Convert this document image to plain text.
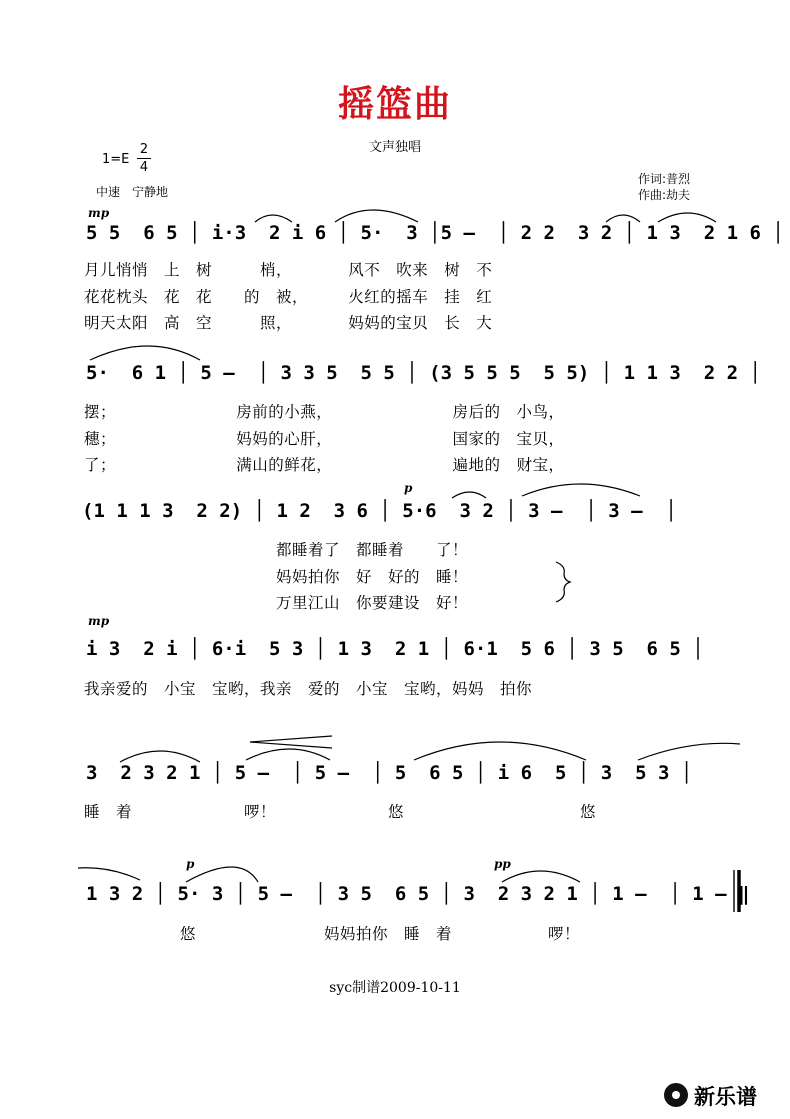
摇篮曲
文声独唱
1=E
2
4
中速　宁静地
作词:普烈
作曲:劫夫
mp
p
mp
p	pp
5 5  6 5 │ i·3  2 i 6 │ 5·  3 │5 –  │ 2 2  3 2 │ 1 3  2 1 6 │
月儿悄悄　上　树　　　梢，　　　　风不　吹来　树　不
花花枕头　花　花　　的　被，　　　火红的摇车　挂　红
明天太阳　高　空　　　照，　　　　妈妈的宝贝　长　大
5·  6 1 │ 5 –  │ 3 3 5  5 5 │ (3 5 5 5  5 5) │ 1 1 3  2 2 │
摆；　　　　　　　　房前的小燕，　　　　　　　　房后的　小鸟，
穗；　　　　　　　　妈妈的心肝，　　　　　　　　国家的　宝贝，
了；　　　　　　　　满山的鲜花，　　　　　　　　遍地的　财宝，
(1 1 1 3  2 2) │ 1 2  3 6 │ 5·6  3 2 │ 3 –  │ 3 –  │
都睡着了　都睡着　　了！
妈妈拍你　好　好的　睡！
万里江山　你要建设　好！
i 3  2 i │ 6·i  5 3 │ 1 3  2 1 │ 6·1  5 6 │ 3 5  6 5 │
我亲爱的　小宝　宝哟，我亲　爱的　小宝　宝哟，妈妈　拍你
3  2 3 2 1 │ 5 –  │ 5 –  │ 5  6 5 │ i 6  5 │ 3  5 3 │
睡　着　　　　　　　啰！　　　　　　　悠　　　　　　　　　　　悠
1 3 2 │ 5· 3 │ 5 –  │ 3 5  6 5 │ 3  2 3 2 1 │ 1 –  │ 1 – ‖
悠　　　　　　　　妈妈拍你　睡　着　　　　　　啰！
syc制谱2009-10-11
新乐谱
